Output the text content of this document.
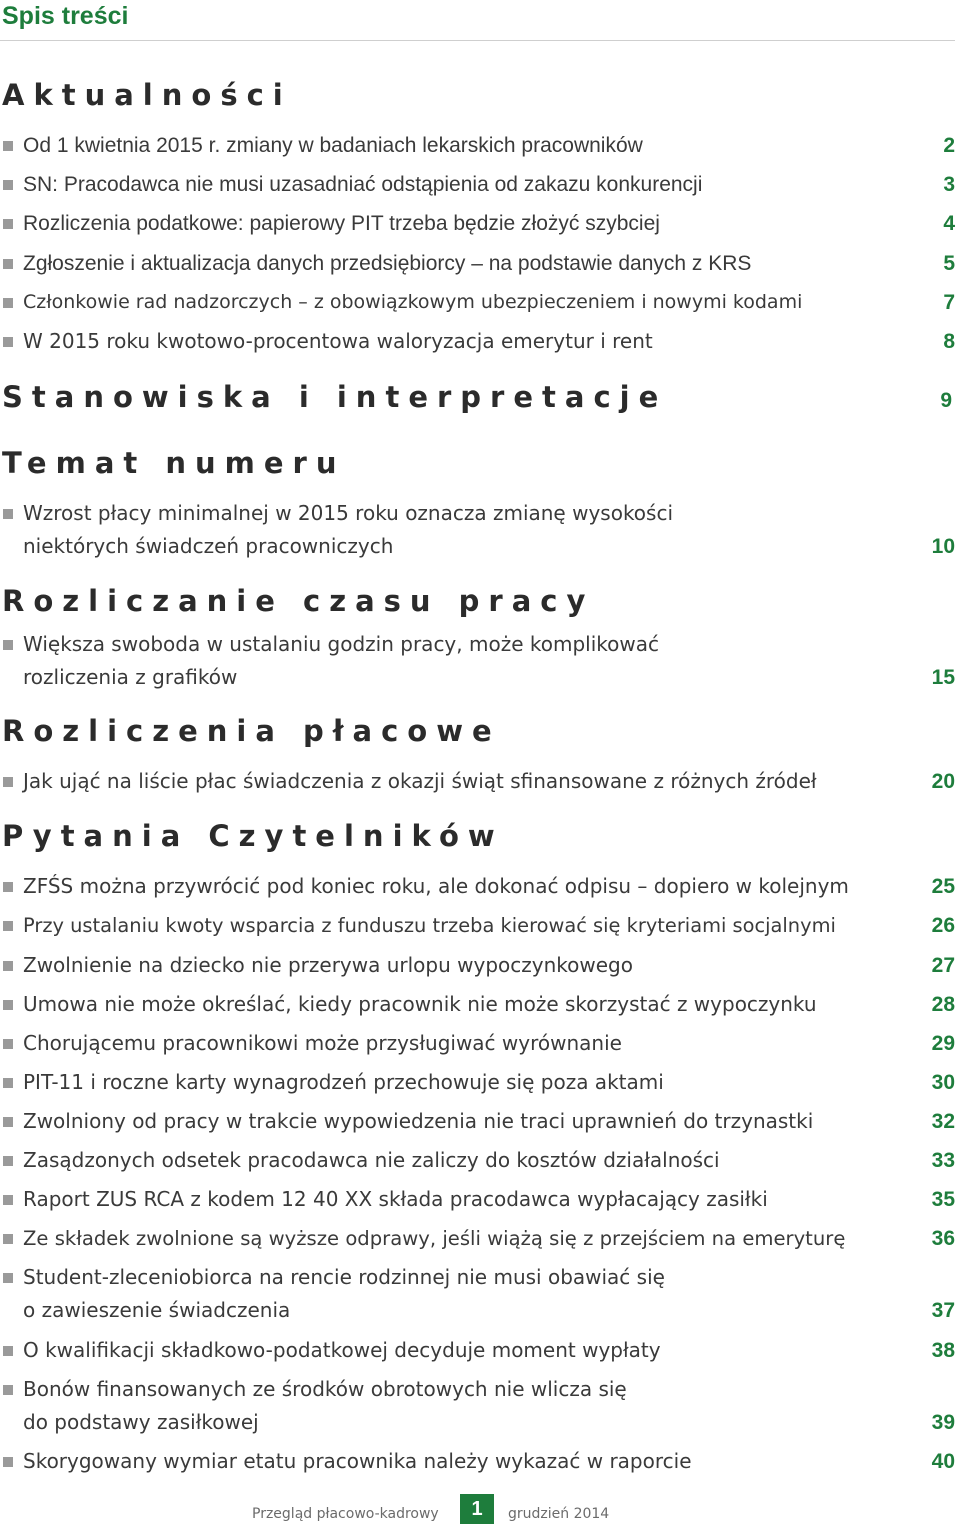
Spis treści
Aktualności
Od 1 kwietnia 2015 r. zmiany w badaniach lekarskich pracowników	2
SN: Pracodawca nie musi uzasadniać odstąpienia od zakazu konkurencji	3
Rozliczenia podatkowe: papierowy PIT trzeba będzie złożyć szybciej	4
Zgłoszenie i aktualizacja danych przedsiębiorcy – na podstawie danych z KRS	5
Członkowie rad nadzorczych – z obowiązkowym ubezpieczeniem i nowymi kodami	7
W 2015 roku kwotowo-procentowa waloryzacja emerytur i rent	8
Stanowiska i interpretacje	9
Temat numeru
Wzrost płacy minimalnej w 2015 roku oznacza zmianę wysokości
niektórych świadczeń pracowniczych	10
Rozliczanie czasu pracy
Większa swoboda w ustalaniu godzin pracy, może komplikować
rozliczenia z grafików	15
Rozliczenia płacowe
Jak ująć na liście płac świadczenia z okazji świąt sfinansowane z różnych źródeł	20
Pytania Czytelników
ZFŚS można przywrócić pod koniec roku, ale dokonać odpisu – dopiero w kolejnym	25
Przy ustalaniu kwoty wsparcia z funduszu trzeba kierować się kryteriami socjalnymi	26
Zwolnienie na dziecko nie przerywa urlopu wypoczynkowego	27
Umowa nie może określać, kiedy pracownik nie może skorzystać z wypoczynku	28
Chorującemu pracownikowi może przysługiwać wyrównanie	29
PIT-11 i roczne karty wynagrodzeń przechowuje się poza aktami	30
Zwolniony od pracy w trakcie wypowiedzenia nie traci uprawnień do trzynastki	32
Zasądzonych odsetek pracodawca nie zaliczy do kosztów działalności	33
Raport ZUS RCA z kodem 12 40 XX składa pracodawca wypłacający zasiłki	35
Ze składek zwolnione są wyższe odprawy, jeśli wiążą się z przejściem na emeryturę	36
Student-zleceniobiorca na rencie rodzinnej nie musi obawiać się
o zawieszenie świadczenia	37
O kwalifikacji składkowo-podatkowej decyduje moment wypłaty	38
Bonów finansowanych ze środków obrotowych nie wlicza się
do podstawy zasiłkowej	39
Skorygowany wymiar etatu pracownika należy wykazać w raporcie	40
Przegląd płacowo-kadrowy	1	grudzień 2014
